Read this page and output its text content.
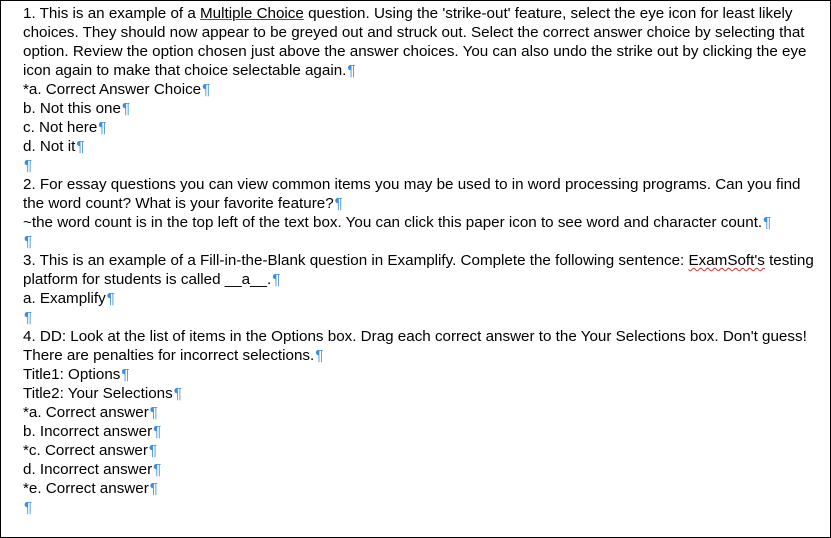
1. This is an example of a Multiple Choice question. Using the 'strike-out' feature, select the eye icon for least likely choices. They should now appear to be greyed out and struck out. Select the correct answer choice by selecting that option. Review the option chosen just above the answer choices. You can also undo the strike out by clicking the eye icon again to make that choice selectable again.¶

*a. Correct Answer Choice¶

b. Not this one¶

c. Not here¶

d. Not it¶

¶

2. For essay questions you can view common items you may be used to in word processing programs. Can you find the word count? What is your favorite feature?¶

~the word count is in the top left of the text box. You can click this paper icon to see word and character count.¶

¶

3. This is an example of a Fill-in-the-Blank question in Examplify. Complete the following sentence: ExamSoft's testing platform for students is called __a__.¶

a. Examplify¶

¶

4. DD: Look at the list of items in the Options box. Drag each correct answer to the Your Selections box. Don't guess! There are penalties for incorrect selections.¶

Title1: Options¶

Title2: Your Selections¶

*a. Correct answer¶

b. Incorrect answer¶

*c. Correct answer¶

d. Incorrect answer¶

*e. Correct answer¶

¶
